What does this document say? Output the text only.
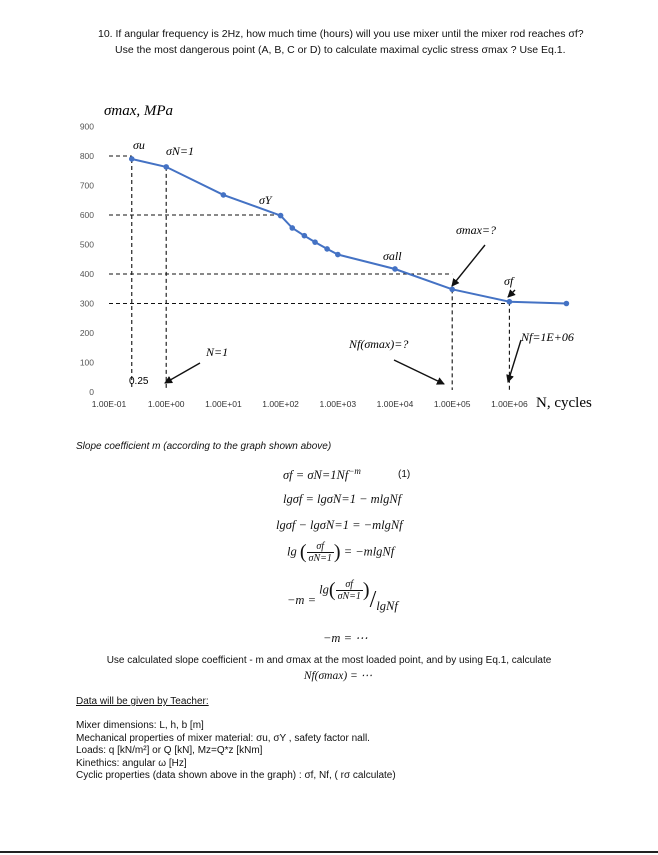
10. If angular frequency is 2Hz, how much time (hours) will you use mixer until the mixer rod reaches σf?
Use the most dangerous point (A, B, C or D) to calculate maximal cyclic stress σmax ? Use Eq.1.
900
800
700
600
500
400
300
200
100
0
1.00E-01	1.00E+00 1.00E+01 1.00E+02 1.00E+03 1.00E+04 1.00E+05 1.00E+06
σu σN=1
σY
σall
σmax=?
σf
N=1
0.25
Nf(σmax)=?	Nf=1E+06
σmax, MPa
N, cycles
Slope coefficient m (according to the graph shown above)
$\sigma f = \sigma N=1Nf^{-m}$	(1)
lgσf = lgσN=1 − mlgNf
lgσf − lgσN=1 = −mlgNf
lg ( $\frac{\sigma f}{\sigma N=1}$ ) = −mlgNf
$-m = \lg( \frac{\sigma f}{\sigma N=1}$ )/lgNf
−m = ⋯
Use calculated slope coefficient - m and σmax at the most loaded point, and by using Eq.1, calculate
Nf(σmax) = ⋯
Data will be given by Teacher:
Mixer dimensions: L, h, b [m]
Mechanical properties of mixer material: σu, σY , safety factor nall.
Loads: q [kN/m²] or Q [kN], Mz=Q*z [kNm]
Kinethics: angular ω [Hz]
Cyclic properties (data shown above in the graph) : σf, Nf, ( rσ calculate)
